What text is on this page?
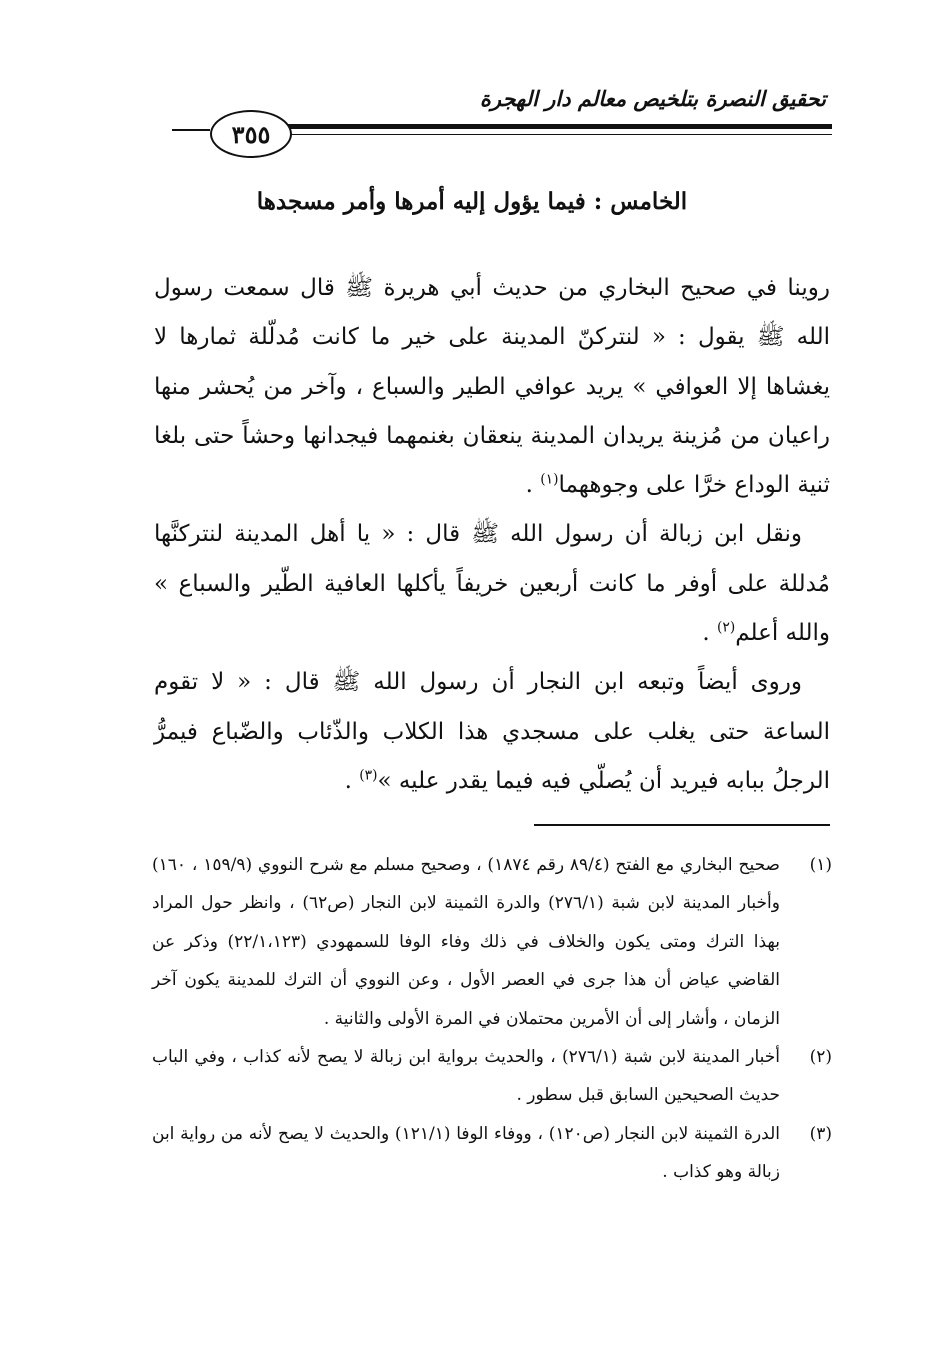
تحقيق النصرة بتلخيص معالم دار الهجرة
٣٥٥
الخامس : فيما يؤول إليه أمرها وأمر مسجدها

روينا في صحيح البخاري من حديث أبي هريرة ﷺ قال سمعت رسول الله ﷺ يقول : « لنتركنّ المدينة على خير ما كانت مُدلّلة ثمارها لا يغشاها إلا العوافي » يريد عوافي الطير والسباع ، وآخر من يُحشر منها راعيان من مُزينة يريدان المدينة ينعقان بغنمهما فيجدانها وحشاً حتى بلغا ثنية الوداع خرَّا على وجوههما$^{(١)}$ .

ونقل ابن زبالة أن رسول الله ﷺ قال : « يا أهل المدينة لنتركنَّها مُدللة على أوفر ما كانت أربعين خريفاً يأكلها العافية الطّير والسباع » والله أعلم$^{(٢)}$ .

وروى أيضاً وتبعه ابن النجار أن رسول الله ﷺ قال : « لا تقوم الساعة حتى يغلب على مسجدي هذا الكلاب والذّئاب والضّباع فيمرُّ الرجلُ ببابه فيريد أن يُصلّي فيه فيما يقدر عليه »$^{(٣)}$ .

(١)
صحيح البخاري مع الفتح (٨٩/٤ رقم ١٨٧٤) ، وصحيح مسلم مع شرح النووي (١٥٩/٩ ، ١٦٠) وأخبار المدينة لابن شبة (٢٧٦/١) والدرة الثمينة لابن النجار (ص٦٢) ، وانظر حول المراد بهذا الترك ومتى يكون والخلاف في ذلك وفاء الوفا للسمهودي (٢٢/١،١٢٣) وذكر عن القاضي عياض أن هذا جرى في العصر الأول ، وعن النووي أن الترك للمدينة يكون آخر الزمان ، وأشار إلى أن الأمرين محتملان في المرة الأولى والثانية .

(٢)
أخبار المدينة لابن شبة (٢٧٦/١) ، والحديث برواية ابن زبالة لا يصح لأنه كذاب ، وفي الباب حديث الصحيحين السابق قبل سطور .

(٣)
الدرة الثمينة لابن النجار (ص١٢٠) ، ووفاء الوفا (١٢١/١) والحديث لا يصح لأنه من رواية ابن زبالة وهو كذاب .
